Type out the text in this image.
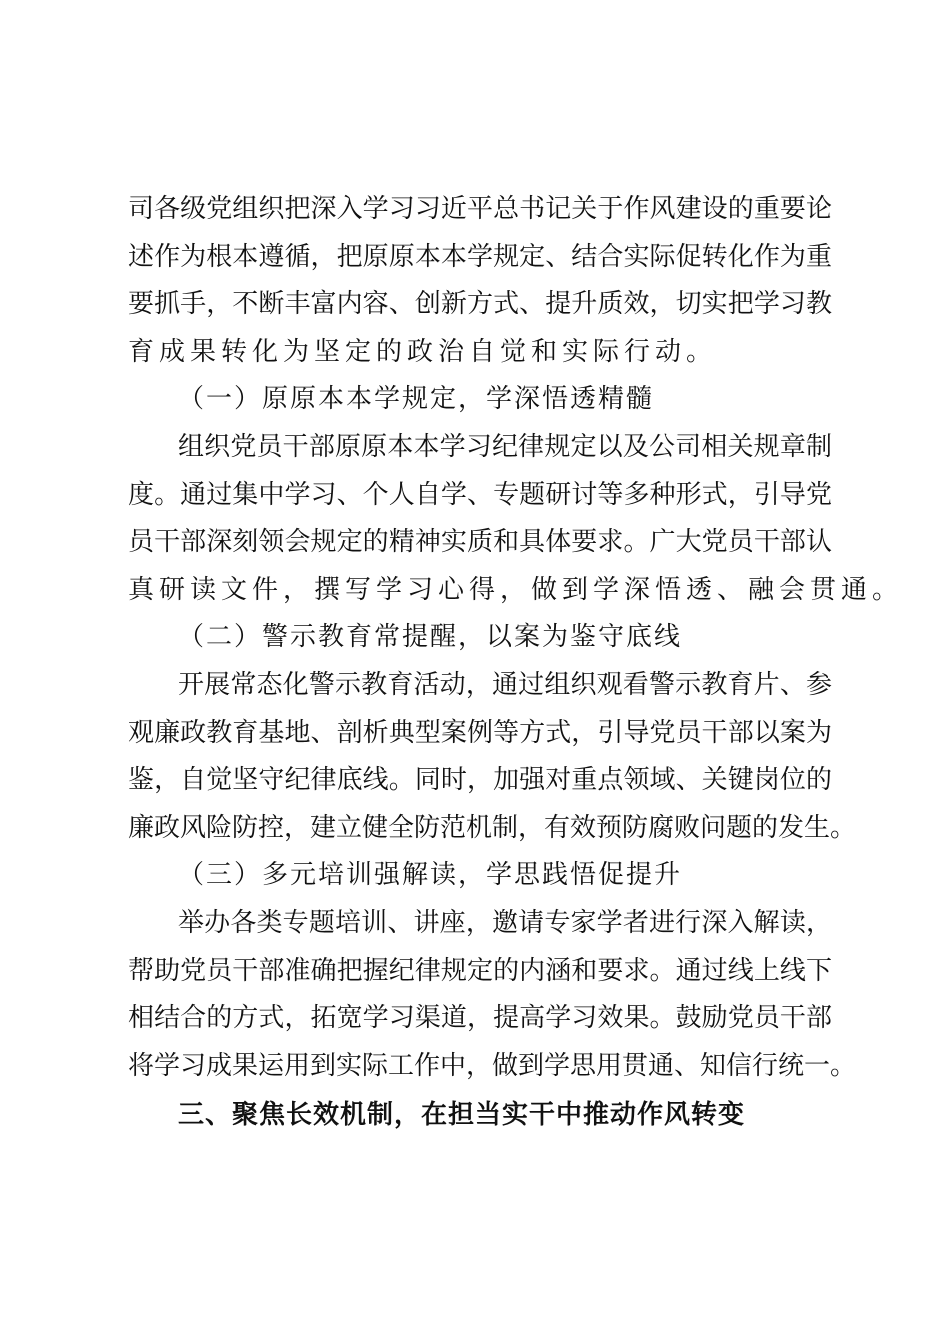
司各级党组织把深入学习习近平总书记关于作风建设的重要论
述作为根本遵循，把原原本本学规定、结合实际促转化作为重
要抓手，不断丰富内容、创新方式、提升质效，切实把学习教
育成果转化为坚定的政治自觉和实际行动。
（一）原原本本学规定，学深悟透精髓
组织党员干部原原本本学习纪律规定以及公司相关规章制
度。通过集中学习、个人自学、专题研讨等多种形式，引导党
员干部深刻领会规定的精神实质和具体要求。广大党员干部认
真研读文件，撰写学习心得，做到学深悟透、融会贯通。
（二）警示教育常提醒，以案为鉴守底线
开展常态化警示教育活动，通过组织观看警示教育片、参
观廉政教育基地、剖析典型案例等方式，引导党员干部以案为
鉴，自觉坚守纪律底线。同时，加强对重点领域、关键岗位的
廉政风险防控，建立健全防范机制，有效预防腐败问题的发生。
（三）多元培训强解读，学思践悟促提升
举办各类专题培训、讲座，邀请专家学者进行深入解读，
帮助党员干部准确把握纪律规定的内涵和要求。通过线上线下
相结合的方式，拓宽学习渠道，提高学习效果。鼓励党员干部
将学习成果运用到实际工作中，做到学思用贯通、知信行统一。
三、聚焦长效机制，在担当实干中推动作风转变
